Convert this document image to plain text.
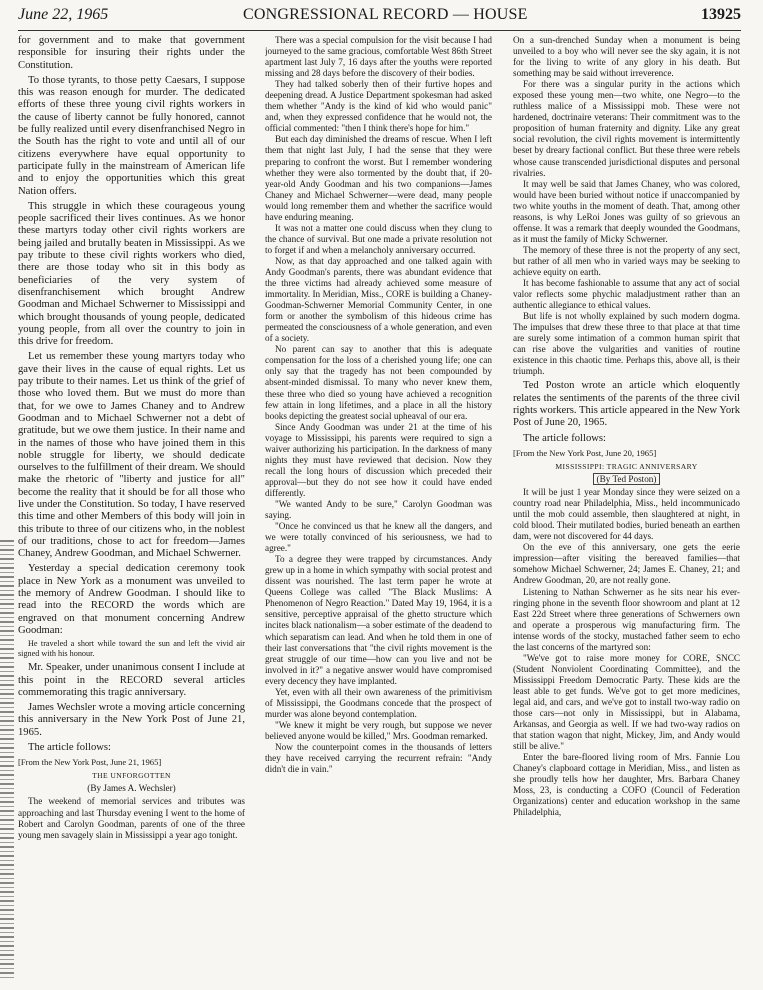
June 22, 1965	CONGRESSIONAL RECORD — HOUSE	13925

for government and to make that government responsible for insuring their rights under the Constitution.

To those tyrants, to those petty Caesars, I suppose this was reason enough for murder. The dedicated efforts of these three young civil rights workers in the cause of liberty cannot be fully honored, cannot be fully realized until every disenfranchised Negro in the South has the right to vote and until all of our citizens everywhere have equal opportunity to participate fully in the mainstream of American life and to enjoy the opportunities which this great Nation offers.

This struggle in which these courageous young people sacrificed their lives continues. As we honor these martyrs today other civil rights workers are being jailed and brutally beaten in Mississippi. As we pay tribute to these civil rights workers who died, there are those today who sit in this body as beneficiaries of the very system of disenfranchisement which brought Andrew Goodman and Michael Schwerner to Mississippi and which brought thousands of young people, dedicated young people, from all over the country to join in this drive for freedom.

Let us remember these young martyrs today who gave their lives in the cause of equal rights. Let us pay tribute to their names. Let us think of the grief of those who loved them. But we must do more than that, for we owe to James Chaney and to Andrew Goodman and to Michael Schwerner not a debt of gratitude, but we owe them justice. In their name and in the names of those who have joined them in this noble struggle for liberty, we should dedicate ourselves to the fulfillment of their dream. We should make the rhetoric of "liberty and justice for all" become the reality that it should be for all those who live under the Constitution. So today, I have reserved this time and other Members of this body will join in this tribute to three of our citizens who, in the noblest of our traditions, chose to act for freedom—James Chaney, Andrew Goodman, and Michael Schwerner.

Yesterday a special dedication ceremony took place in New York as a monument was unveiled to the memory of Andrew Goodman. I should like to read into the RECORD the words which are engraved on that monument concerning Andrew Goodman:

He traveled a short while toward the sun and left the vivid air signed with his honour.

Mr. Speaker, under unanimous consent I include at this point in the RECORD several articles commemorating this tragic anniversary.

James Wechsler wrote a moving article concerning this anniversary in the New York Post of June 21, 1965.

The article follows:

[From the New York Post, June 21, 1965]

THE UNFORGOTTEN

(By James A. Wechsler)

The weekend of memorial services and tributes was approaching and last Thursday evening I went to the home of Robert and Carolyn Goodman, parents of one of the three young men savagely slain in Mississippi a year ago tonight.

There was a special compulsion for the visit because I had journeyed to the same gracious, comfortable West 86th Street apartment last July 7, 16 days after the youths were reported missing and 28 days before the discovery of their bodies.

They had talked soberly then of their furtive hopes and deepening dread. A Justice Department spokesman had asked them whether "Andy is the kind of kid who would panic" and, when they expressed confidence that he would not, the official commented: "then I think there's hope for him."

But each day diminished the dreams of rescue. When I left them that night last July, I had the sense that they were preparing to confront the worst. But I remember wondering whether they were also tormented by the doubt that, if 20-year-old Andy Goodman and his two companions—James Chaney and Michael Schwerner—were dead, many people would long remember them and whether the sacrifice would have enduring meaning.

It was not a matter one could discuss when they clung to the chance of survival. But one made a private resolution not to forget if and when a melancholy anniversary occurred.

Now, as that day approached and one talked again with Andy Goodman's parents, there was abundant evidence that the three victims had already achieved some measure of immortality. In Meridian, Miss., CORE is building a Chaney-Goodman-Schwerner Memorial Community Center, in one form or another the symbolism of this hideous crime has permeated the consciousness of a whole generation, and even of a society.

No parent can say to another that this is adequate compensation for the loss of a cherished young life; one can only say that the tragedy has not been compounded by absent-minded dismissal. To many who never knew them, these three who died so young have achieved a recognition few attain in long lifetimes, and a place in all the history books depicting the greatest social upheaval of our era.

Since Andy Goodman was under 21 at the time of his voyage to Mississippi, his parents were required to sign a waiver authorizing his participation. In the darkness of many nights they must have reviewed that decision. Now they recall the long hours of discussion which preceded their approval—but they do not see how it could have ended differently.

"We wanted Andy to be sure," Carolyn Goodman was saying.

"Once he convinced us that he knew all the dangers, and we were totally convinced of his seriousness, we had to agree."

To a degree they were trapped by circumstances. Andy grew up in a home in which sympathy with social protest and dissent was nourished. The last term paper he wrote at Queens College was called "The Black Muslims: A Phenomenon of Negro Reaction." Dated May 19, 1964, it is a sensitive, perceptive appraisal of the ghetto structure which incites black nationalism—a sober estimate of the deadend to which separatism can lead. And when he told them in one of their last conversations that "the civil rights movement is the great struggle of our time—how can you live and not be involved in it?" a negative answer would have compromised every decency they have implanted.

Yet, even with all their own awareness of the primitivism of Mississippi, the Goodmans concede that the prospect of murder was alone beyond contemplation.

"We knew it might be very rough, but suppose we never believed anyone would be killed," Mrs. Goodman remarked.

Now the counterpoint comes in the thousands of letters they have received carrying the recurrent refrain: "Andy didn't die in vain."

On a sun-drenched Sunday when a monument is being unveiled to a boy who will never see the sky again, it is not for the living to write of any glory in his death. But something may be said without irreverence.

For there was a singular purity in the actions which exposed these young men—two white, one Negro—to the ruthless malice of a Mississippi mob. These were not hardened, doctrinaire veterans: Their commitment was to the proposition of human fraternity and dignity. Like any great social revolution, the civil rights movement is intermittently beset by dreary factional conflict. But these three were rebels whose cause transcended jurisdictional disputes and personal rivalries.

It may well be said that James Chaney, who was colored, would have been buried without notice if unaccompanied by two white youths in the moment of death. That, among other reasons, is why LeRoi Jones was guilty of so grievous an offense. It was a remark that deeply wounded the Goodmans, as it must the family of Micky Schwerner.

The memory of these three is not the property of any sect, but rather of all men who in varied ways may be seeking to achieve equity on earth.

It has become fashionable to assume that any act of social valor reflects some phychic maladjustment rather than an authentic allegiance to ethical values.

But life is not wholly explained by such modern dogma. The impulses that drew these three to that place at that time are surely some intimation of a common human spirit that can rise above the vulgarities and vanities of routine existence in this chaotic time. Perhaps this, above all, is their triumph.

Ted Poston wrote an article which eloquently relates the sentiments of the parents of the three civil rights workers. This article appeared in the New York Post of June 20, 1965.

The article follows:

[From the New York Post, June 20, 1965]

MISSISSIPPI: TRAGIC ANNIVERSARY

(By Ted Poston)

It will be just 1 year Monday since they were seized on a country road near Philadelphia, Miss., held incommunicado until the mob could assemble, then slaughtered at night, in cold blood. Their mutilated bodies, buried beneath an earthen dam, were not discovered for 44 days.

On the eve of this anniversary, one gets the eerie impression—after visiting the bereaved families—that somehow Michael Schwerner, 24; James E. Chaney, 21; and Andrew Goodman, 20, are not really gone.

Listening to Nathan Schwerner as he sits near his ever-ringing phone in the seventh floor showroom and plant at 12 East 22d Street where three generations of Schwerners own and operate a prosperous wig manufacturing firm. The intense words of the stocky, mustached father seem to echo the last concerns of the martyred son:

"We've got to raise more money for CORE, SNCC (Student Nonviolent Coordinating Committee), and the Mississippi Freedom Democratic Party. These kids are the least able to get funds. We've got to get more medicines, legal aid, and cars, and we've got to install two-way radio on those cars—not only in Mississippi, but in Alabama, Arkansas, and Georgia as well. If we had two-way radios on that station wagon that night, Mickey, Jim, and Andy would still be alive."

Enter the bare-floored living room of Mrs. Fannie Lou Chaney's clapboard cottage in Meridian, Miss., and listen as she proudly tells how her daughter, Mrs. Barbara Chaney Moss, 23, is conducting a COFO (Council of Federation Organizations) center and education workshop in the same Philadelphia,
